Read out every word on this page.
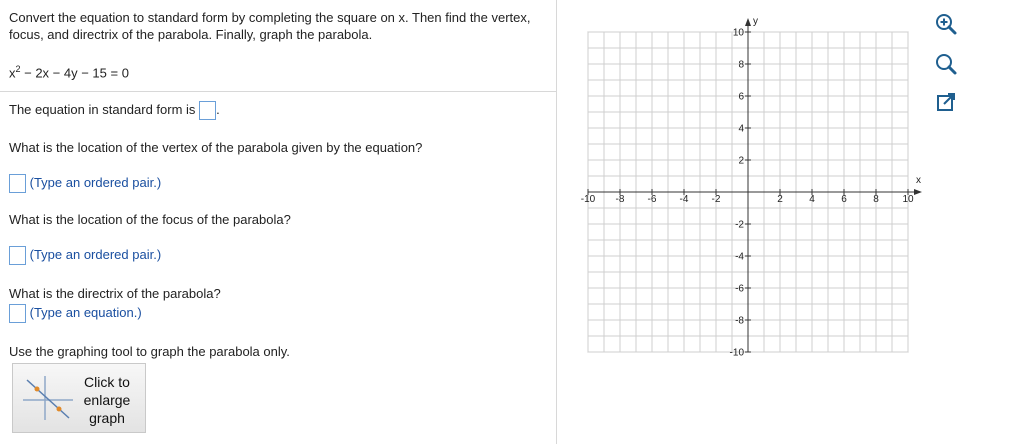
Convert the equation to standard form by completing the square on x. Then find the vertex, focus, and directrix of the parabola. Finally, graph the parabola.
$x^2 - 2x - 4y - 15 = 0$
The equation in standard form is .
What is the location of the vertex of the parabola given by the equation?
(Type an ordered pair.)
What is the location of the focus of the parabola?
(Type an ordered pair.)
What is the directrix of the parabola?
(Type an equation.)
Use the graphing tool to graph the parabola only.
Click to
enlarge
graph
x
y
-10 -8 -6 -4 -2	2	4	6	8 10
10
8
6
4
2
-2
-4
-6
-8
-10
